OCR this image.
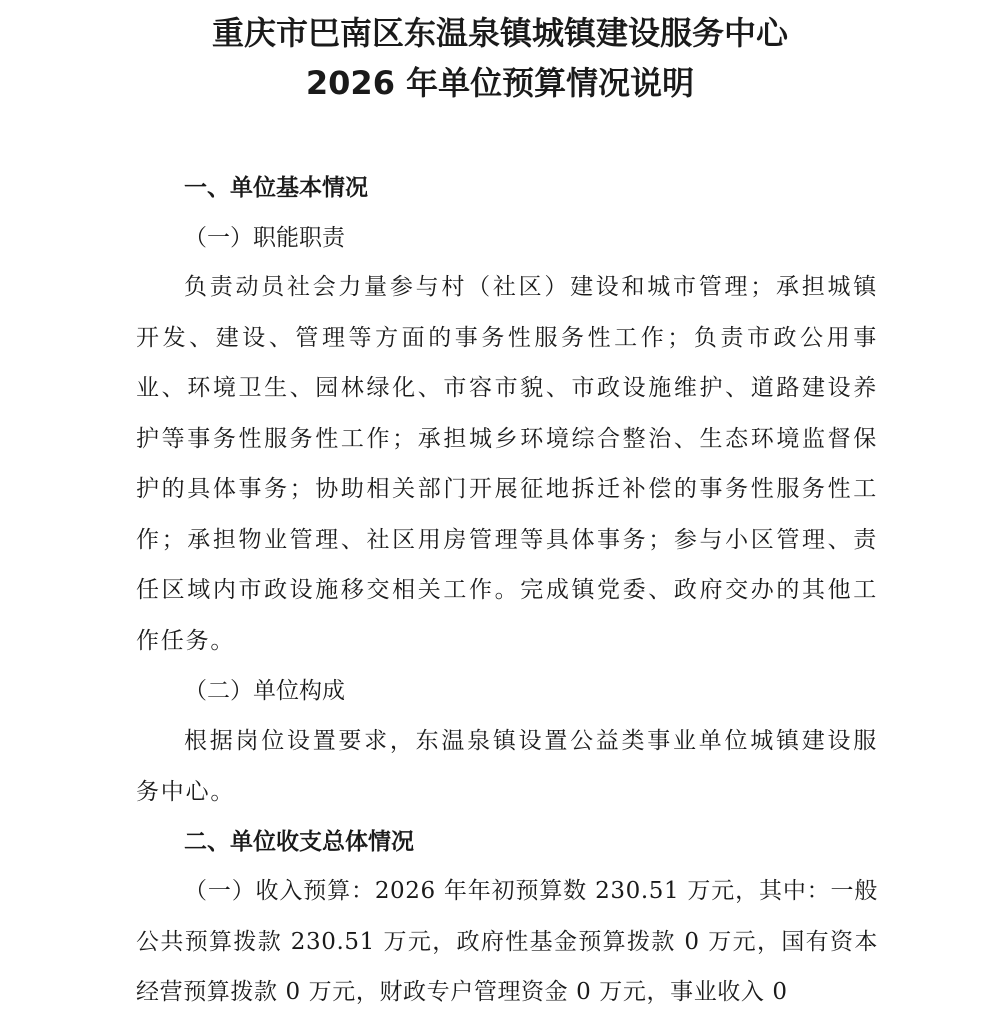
重庆市巴南区东温泉镇城镇建设服务中心
2026 年单位预算情况说明
一、单位基本情况
（一）职能职责

负责动员社会力量参与村（社区）建设和城市管理；承担城镇开发、建设、管理等方面的事务性服务性工作；负责市政公用事业、环境卫生、园林绿化、市容市貌、市政设施维护、道路建设养护等事务性服务性工作；承担城乡环境综合整治、生态环境监督保护的具体事务；协助相关部门开展征地拆迁补偿的事务性服务性工作；承担物业管理、社区用房管理等具体事务；参与小区管理、责任区域内市政设施移交相关工作。完成镇党委、政府交办的其他工作任务。

（二）单位构成

根据岗位设置要求，东温泉镇设置公益类事业单位城镇建设服务中心。

二、单位收支总体情况

（一）收入预算：2026 年年初预算数 230.51 万元，其中：一般公共预算拨款 230.51 万元，政府性基金预算拨款 0 万元，国有资本经营预算拨款 0 万元，财政专户管理资金 0 万元，事业收入 0
